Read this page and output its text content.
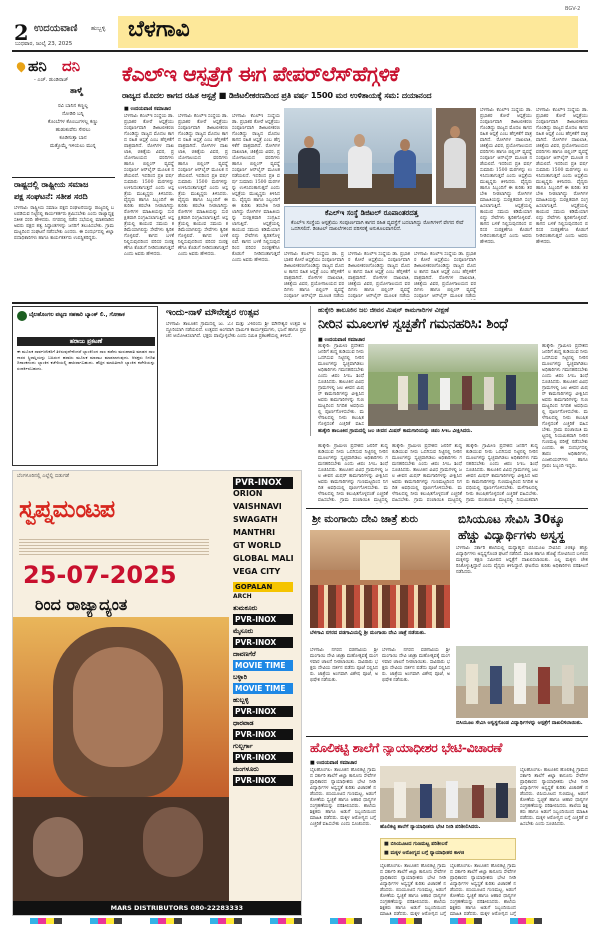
2 ಉದಯವಾಣಿ ಹುಬ್ಬಳ್ಳಿ
ಬುಧವಾರ, ಜುಲೈ 23, 2025
ಬೆಳಗಾವಿ
BGV-2
ಹನಿ ದನಿ
- ಎಚ್. ಡುಂಡಿರಾಜ್
ತಾಳ್ಮೆ
ರವಿ ಬಾನಿನ ಕಣ್ಣಲ್ಲ
ನೋಡಿರಿ ಬನ್ನಿ
ಕೊಂಬೆಗಳ ಕೊಂಬುಗಳಲ್ಲ ಕಣ್ಣು
ಹುಡುಕುವೆನು ಸೇರಲು
ಕೂಡಿಸುತ್ತಾ ಬಾನ
ಮತ್ತೊಮ್ಮೆ ಇಳಿಯಲು ಮುನ್ನ
ರಾಷ್ಟ್ರದಲ್ಲಿ ರಾಷ್ಟ್ರೀಯ ಸಮಾಜ
ಪಕ್ಷ ಸಂಘಟನೆ: ಸತೀಶ ಸರದಿ
ಬೆಳಗಾವಿ: ರಾಷ್ಟ್ರೀಯ ಸಮಾಜ ಪಕ್ಷದ ಸಂಘಟನೆಯನ್ನು ರಾಜ್ಯದಲ್ಲಿ ಬಲಪಡಿಸುವ ನಿಟ್ಟಿನಲ್ಲಿ ಕಾರ್ಯಕರ್ತರು ಶ್ರಮಿಸಬೇಕು ಎಂದು ರಾಜ್ಯಾಧ್ಯಕ್ಷ ಸತೀಶ ಸರದಿ ಹೇಳಿದರು. ನಗರದಲ್ಲಿ ನಡೆದ ಸಭೆಯಲ್ಲಿ ಮಾತನಾಡಿದ ಅವರು ಪಕ್ಷದ ತತ್ವ ಸಿದ್ಧಾಂತಗಳನ್ನು ಜನರಿಗೆ ತಲುಪಿಸಬೇಕು. ಗ್ರಾಮ ಮಟ್ಟದಿಂದ ಸಂಘಟನೆ ನಡೆಸಬೇಕು ಎಂದರು. ಈ ಸಂದರ್ಭದಲ್ಲಿ ಜಿಲ್ಲಾ ಪದಾಧಿಕಾರಿಗಳು ಹಾಗೂ ಕಾರ್ಯಕರ್ತರು ಉಪಸ್ಥಿತರಿದ್ದರು.
ಕೆಎಲ್ಇ ಆಸ್ಪತ್ರೆಗೆ ಈಗ ಪೇಪರ್‌ಲೆಸ್‌ಹೆಗ್ಗಳಿಕೆ
ರಾಜ್ಯದ ಮೊದಲ ಕಾಗದ ರಹಿತ ಆಸ್ಪತ್ರೆ ■ ಡಿಜಿಟಲೀಕರಣದಿಂದ ಪ್ರತಿ ವರ್ಷ 1500 ಮರ ಉಳಿತಾಯಕ್ಕೆ ಸಮ: ದಯಾನಂದ
■ ಉದಯವಾಣಿ ಸಮಾಚಾರ
ಬೆಳಗಾವಿ: ಕೆಎಲ್ಇ ಸಂಸ್ಥೆಯ ಡಾ. ಪ್ರಭಾಕರ ಕೋರೆ ಆಸ್ಪತ್ರೆಯು ಸಂಪೂರ್ಣವಾಗಿ ಡಿಜಿಟಲೀಕರಣಗೊಂಡಿದ್ದು ರಾಜ್ಯದ ಮೊದಲ ಕಾಗದ ರಹಿತ ಆಸ್ಪತ್ರೆ ಎಂಬ ಹೆಗ್ಗಳಿಕೆಗೆ ಪಾತ್ರವಾಗಿದೆ. ರೋಗಿಗಳ ದಾಖಲಾತಿ, ಚಿಕಿತ್ಸೆಯ ವಿವರ, ಪ್ರಯೋಗಾಲಯದ ವರದಿಗಳು ಹಾಗೂ ಬಿಲ್ಲಿಂಗ್ ವ್ಯವಸ್ಥೆ ಸಂಪೂರ್ಣ ಆನ್‌ಲೈನ್ ಮೂಲಕ ನಡೆಯಲಿದೆ. ಇದರಿಂದ ಪ್ರತಿ ವರ್ಷ ಸುಮಾರು 1500 ಮರಗಳನ್ನು ಉಳಿಸಿದಂತಾಗುತ್ತದೆ ಎಂದು ಆಸ್ಪತ್ರೆಯ ಮುಖ್ಯಸ್ಥರು ತಿಳಿಸಿದರು. ವೈದ್ಯರು ಹಾಗೂ ಸಿಬ್ಬಂದಿಗೆ ಈ ಕುರಿತು ತರಬೇತಿ ನೀಡಲಾಗಿದ್ದು ರೋಗಿಗಳ ಮಾಹಿತಿಯನ್ನು ಸುರಕ್ಷಿತವಾಗಿ ಸಂಗ್ರಹಿಸಲಾಗುತ್ತಿದೆ. ಆಸ್ಪತ್ರೆಯಲ್ಲಿ ಕಾಯುವ ಸಮಯ ಕಡಿಮೆಯಾಗಲಿದ್ದು ಸೇವೆಗಳು ತ್ವರಿತಗೊಳ್ಳಲಿವೆ. ಕಾಗದ ಬಳಕೆ ನಿಲ್ಲಿಸುವುದರಿಂದ ಪರಿಸರ ಸಂರಕ್ಷಣೆಗೂ ಕೊಡುಗೆ ನೀಡಿದಂತಾಗುತ್ತದೆ ಎಂದು ಅವರು ಹೇಳಿದರು.
ಬೆಳಗಾವಿ: ಕೆಎಲ್ಇ ಸಂಸ್ಥೆಯ ಡಾ. ಪ್ರಭಾಕರ ಕೋರೆ ಆಸ್ಪತ್ರೆಯು ಸಂಪೂರ್ಣವಾಗಿ ಡಿಜಿಟಲೀಕರಣಗೊಂಡಿದ್ದು ರಾಜ್ಯದ ಮೊದಲ ಕಾಗದ ರಹಿತ ಆಸ್ಪತ್ರೆ ಎಂಬ ಹೆಗ್ಗಳಿಕೆಗೆ ಪಾತ್ರವಾಗಿದೆ. ರೋಗಿಗಳ ದಾಖಲಾತಿ, ಚಿಕಿತ್ಸೆಯ ವಿವರ, ಪ್ರಯೋಗಾಲಯದ ವರದಿಗಳು ಹಾಗೂ ಬಿಲ್ಲಿಂಗ್ ವ್ಯವಸ್ಥೆ ಸಂಪೂರ್ಣ ಆನ್‌ಲೈನ್ ಮೂಲಕ ನಡೆಯಲಿದೆ. ಇದರಿಂದ ಪ್ರತಿ ವರ್ಷ ಸುಮಾರು 1500 ಮರಗಳನ್ನು ಉಳಿಸಿದಂತಾಗುತ್ತದೆ ಎಂದು ಆಸ್ಪತ್ರೆಯ ಮುಖ್ಯಸ್ಥರು ತಿಳಿಸಿದರು. ವೈದ್ಯರು ಹಾಗೂ ಸಿಬ್ಬಂದಿಗೆ ಈ ಕುರಿತು ತರಬೇತಿ ನೀಡಲಾಗಿದ್ದು ರೋಗಿಗಳ ಮಾಹಿತಿಯನ್ನು ಸುರಕ್ಷಿತವಾಗಿ ಸಂಗ್ರಹಿಸಲಾಗುತ್ತಿದೆ. ಆಸ್ಪತ್ರೆಯಲ್ಲಿ ಕಾಯುವ ಸಮಯ ಕಡಿಮೆಯಾಗಲಿದ್ದು ಸೇವೆಗಳು ತ್ವರಿತಗೊಳ್ಳಲಿವೆ. ಕಾಗದ ಬಳಕೆ ನಿಲ್ಲಿಸುವುದರಿಂದ ಪರಿಸರ ಸಂರಕ್ಷಣೆಗೂ ಕೊಡುಗೆ ನೀಡಿದಂತಾಗುತ್ತದೆ ಎಂದು ಅವರು ಹೇಳಿದರು.
ಬೆಳಗಾವಿ: ಕೆಎಲ್ಇ ಸಂಸ್ಥೆಯ ಡಾ. ಪ್ರಭಾಕರ ಕೋರೆ ಆಸ್ಪತ್ರೆಯು ಸಂಪೂರ್ಣವಾಗಿ ಡಿಜಿಟಲೀಕರಣಗೊಂಡಿದ್ದು ರಾಜ್ಯದ ಮೊದಲ ಕಾಗದ ರಹಿತ ಆಸ್ಪತ್ರೆ ಎಂಬ ಹೆಗ್ಗಳಿಕೆಗೆ ಪಾತ್ರವಾಗಿದೆ. ರೋಗಿಗಳ ದಾಖಲಾತಿ, ಚಿಕಿತ್ಸೆಯ ವಿವರ, ಪ್ರಯೋಗಾಲಯದ ವರದಿಗಳು ಹಾಗೂ ಬಿಲ್ಲಿಂಗ್ ವ್ಯವಸ್ಥೆ ಸಂಪೂರ್ಣ ಆನ್‌ಲೈನ್ ಮೂಲಕ ನಡೆಯಲಿದೆ. ಇದರಿಂದ ಪ್ರತಿ ವರ್ಷ ಸುಮಾರು 1500 ಮರಗಳನ್ನು ಉಳಿಸಿದಂತಾಗುತ್ತದೆ ಎಂದು ಆಸ್ಪತ್ರೆಯ ಮುಖ್ಯಸ್ಥರು ತಿಳಿಸಿದರು. ವೈದ್ಯರು ಹಾಗೂ ಸಿಬ್ಬಂದಿಗೆ ಈ ಕುರಿತು ತರಬೇತಿ ನೀಡಲಾಗಿದ್ದು ರೋಗಿಗಳ ಮಾಹಿತಿಯನ್ನು ಸುರಕ್ಷಿತವಾಗಿ ಸಂಗ್ರಹಿಸಲಾಗುತ್ತಿದೆ. ಆಸ್ಪತ್ರೆಯಲ್ಲಿ ಕಾಯುವ ಸಮಯ ಕಡಿಮೆಯಾಗಲಿದ್ದು ಸೇವೆಗಳು ತ್ವರಿತಗೊಳ್ಳಲಿವೆ. ಕಾಗದ ಬಳಕೆ ನಿಲ್ಲಿಸುವುದರಿಂದ ಪರಿಸರ ಸಂರಕ್ಷಣೆಗೂ ಕೊಡುಗೆ ನೀಡಿದಂತಾಗುತ್ತದೆ ಎಂದು ಅವರು ಹೇಳಿದರು.
ಕೆಎಲ್ಇ ಸಂಸ್ಥೆ ಡಿಜಿಟಲ್ ರೂಪಾಂತರದತ್ತ
ಕೆಎಲ್ಇ ಸಂಸ್ಥೆಯ ಆಸ್ಪತ್ರೆಯು ಸಂಪೂರ್ಣವಾಗಿ ಕಾಗದ ರಹಿತ ವ್ಯವಸ್ಥೆಗೆ ಬದಲಾಗಿದ್ದು ರೋಗಿಗಳಿಗೆ ವೇಗದ ಸೇವೆ ಒದಗಿಸಲಿದೆ. ಡಿಜಿಟಲ್ ದಾಖಲೆಗಳಿಂದ ಪರಿಸರಕ್ಕೆ ಅನುಕೂಲವಾಗಲಿದೆ.
ಬೆಳಗಾವಿ: ಕೆಎಲ್ಇ ಸಂಸ್ಥೆಯ ಡಾ. ಪ್ರಭಾಕರ ಕೋರೆ ಆಸ್ಪತ್ರೆಯು ಸಂಪೂರ್ಣವಾಗಿ ಡಿಜಿಟಲೀಕರಣಗೊಂಡಿದ್ದು ರಾಜ್ಯದ ಮೊದಲ ಕಾಗದ ರಹಿತ ಆಸ್ಪತ್ರೆ ಎಂಬ ಹೆಗ್ಗಳಿಕೆಗೆ ಪಾತ್ರವಾಗಿದೆ. ರೋಗಿಗಳ ದಾಖಲಾತಿ, ಚಿಕಿತ್ಸೆಯ ವಿವರ, ಪ್ರಯೋಗಾಲಯದ ವರದಿಗಳು ಹಾಗೂ ಬಿಲ್ಲಿಂಗ್ ವ್ಯವಸ್ಥೆ ಸಂಪೂರ್ಣ ಆನ್‌ಲೈನ್ ಮೂಲಕ ನಡೆಯ
ಬೆಳಗಾವಿ: ಕೆಎಲ್ಇ ಸಂಸ್ಥೆಯ ಡಾ. ಪ್ರಭಾಕರ ಕೋರೆ ಆಸ್ಪತ್ರೆಯು ಸಂಪೂರ್ಣವಾಗಿ ಡಿಜಿಟಲೀಕರಣಗೊಂಡಿದ್ದು ರಾಜ್ಯದ ಮೊದಲ ಕಾಗದ ರಹಿತ ಆಸ್ಪತ್ರೆ ಎಂಬ ಹೆಗ್ಗಳಿಕೆಗೆ ಪಾತ್ರವಾಗಿದೆ. ರೋಗಿಗಳ ದಾಖಲಾತಿ, ಚಿಕಿತ್ಸೆಯ ವಿವರ, ಪ್ರಯೋಗಾಲಯದ ವರದಿಗಳು ಹಾಗೂ ಬಿಲ್ಲಿಂಗ್ ವ್ಯವಸ್ಥೆ ಸಂಪೂರ್ಣ ಆನ್‌ಲೈನ್ ಮೂಲಕ ನಡೆಯ
ಬೆಳಗಾವಿ: ಕೆಎಲ್ಇ ಸಂಸ್ಥೆಯ ಡಾ. ಪ್ರಭಾಕರ ಕೋರೆ ಆಸ್ಪತ್ರೆಯು ಸಂಪೂರ್ಣವಾಗಿ ಡಿಜಿಟಲೀಕರಣಗೊಂಡಿದ್ದು ರಾಜ್ಯದ ಮೊದಲ ಕಾಗದ ರಹಿತ ಆಸ್ಪತ್ರೆ ಎಂಬ ಹೆಗ್ಗಳಿಕೆಗೆ ಪಾತ್ರವಾಗಿದೆ. ರೋಗಿಗಳ ದಾಖಲಾತಿ, ಚಿಕಿತ್ಸೆಯ ವಿವರ, ಪ್ರಯೋಗಾಲಯದ ವರದಿಗಳು ಹಾಗೂ ಬಿಲ್ಲಿಂಗ್ ವ್ಯವಸ್ಥೆ ಸಂಪೂರ್ಣ ಆನ್‌ಲೈನ್ ಮೂಲಕ ನಡೆಯ
ಬೆಳಗಾವಿ: ಕೆಎಲ್ಇ ಸಂಸ್ಥೆಯ ಡಾ. ಪ್ರಭಾಕರ ಕೋರೆ ಆಸ್ಪತ್ರೆಯು ಸಂಪೂರ್ಣವಾಗಿ ಡಿಜಿಟಲೀಕರಣಗೊಂಡಿದ್ದು ರಾಜ್ಯದ ಮೊದಲ ಕಾಗದ ರಹಿತ ಆಸ್ಪತ್ರೆ ಎಂಬ ಹೆಗ್ಗಳಿಕೆಗೆ ಪಾತ್ರವಾಗಿದೆ. ರೋಗಿಗಳ ದಾಖಲಾತಿ, ಚಿಕಿತ್ಸೆಯ ವಿವರ, ಪ್ರಯೋಗಾಲಯದ ವರದಿಗಳು ಹಾಗೂ ಬಿಲ್ಲಿಂಗ್ ವ್ಯವಸ್ಥೆ ಸಂಪೂರ್ಣ ಆನ್‌ಲೈನ್ ಮೂಲಕ ನಡೆಯಲಿದೆ. ಇದರಿಂದ ಪ್ರತಿ ವರ್ಷ ಸುಮಾರು 1500 ಮರಗಳನ್ನು ಉಳಿಸಿದಂತಾಗುತ್ತದೆ ಎಂದು ಆಸ್ಪತ್ರೆಯ ಮುಖ್ಯಸ್ಥರು ತಿಳಿಸಿದರು. ವೈದ್ಯರು ಹಾಗೂ ಸಿಬ್ಬಂದಿಗೆ ಈ ಕುರಿತು ತರಬೇತಿ ನೀಡಲಾಗಿದ್ದು ರೋಗಿಗಳ ಮಾಹಿತಿಯನ್ನು ಸುರಕ್ಷಿತವಾಗಿ ಸಂಗ್ರಹಿಸಲಾಗುತ್ತಿದೆ. ಆಸ್ಪತ್ರೆಯಲ್ಲಿ ಕಾಯುವ ಸಮಯ ಕಡಿಮೆಯಾಗಲಿದ್ದು ಸೇವೆಗಳು ತ್ವರಿತಗೊಳ್ಳಲಿವೆ. ಕಾಗದ ಬಳಕೆ ನಿಲ್ಲಿಸುವುದರಿಂದ ಪರಿಸರ ಸಂರಕ್ಷಣೆಗೂ ಕೊಡುಗೆ ನೀಡಿದಂತಾಗುತ್ತದೆ ಎಂದು ಅವರು ಹೇಳಿದರು.
ಬೆಳಗಾವಿ: ಕೆಎಲ್ಇ ಸಂಸ್ಥೆಯ ಡಾ. ಪ್ರಭಾಕರ ಕೋರೆ ಆಸ್ಪತ್ರೆಯು ಸಂಪೂರ್ಣವಾಗಿ ಡಿಜಿಟಲೀಕರಣಗೊಂಡಿದ್ದು ರಾಜ್ಯದ ಮೊದಲ ಕಾಗದ ರಹಿತ ಆಸ್ಪತ್ರೆ ಎಂಬ ಹೆಗ್ಗಳಿಕೆಗೆ ಪಾತ್ರವಾಗಿದೆ. ರೋಗಿಗಳ ದಾಖಲಾತಿ, ಚಿಕಿತ್ಸೆಯ ವಿವರ, ಪ್ರಯೋಗಾಲಯದ ವರದಿಗಳು ಹಾಗೂ ಬಿಲ್ಲಿಂಗ್ ವ್ಯವಸ್ಥೆ ಸಂಪೂರ್ಣ ಆನ್‌ಲೈನ್ ಮೂಲಕ ನಡೆಯಲಿದೆ. ಇದರಿಂದ ಪ್ರತಿ ವರ್ಷ ಸುಮಾರು 1500 ಮರಗಳನ್ನು ಉಳಿಸಿದಂತಾಗುತ್ತದೆ ಎಂದು ಆಸ್ಪತ್ರೆಯ ಮುಖ್ಯಸ್ಥರು ತಿಳಿಸಿದರು. ವೈದ್ಯರು ಹಾಗೂ ಸಿಬ್ಬಂದಿಗೆ ಈ ಕುರಿತು ತರಬೇತಿ ನೀಡಲಾಗಿದ್ದು ರೋಗಿಗಳ ಮಾಹಿತಿಯನ್ನು ಸುರಕ್ಷಿತವಾಗಿ ಸಂಗ್ರಹಿಸಲಾಗುತ್ತಿದೆ. ಆಸ್ಪತ್ರೆಯಲ್ಲಿ ಕಾಯುವ ಸಮಯ ಕಡಿಮೆಯಾಗಲಿದ್ದು ಸೇವೆಗಳು ತ್ವರಿತಗೊಳ್ಳಲಿವೆ. ಕಾಗದ ಬಳಕೆ ನಿಲ್ಲಿಸುವುದರಿಂದ ಪರಿಸರ ಸಂರಕ್ಷಣೆಗೂ ಕೊಡುಗೆ ನೀಡಿದಂತಾಗುತ್ತದೆ ಎಂದು ಅವರು ಹೇಳಿದರು.
ಬೈಲಹೊಂಗಲ ಪಟ್ಟಣ ಸಹಕಾರಿ ಬ್ಯಾಂಕ್ ಲಿ., ಗೋಕಾಕ
ಹರಾಜು ಪ್ರಕಟಣೆ
ಈ ಮೂಲಕ ಸಾರ್ವಜನಿಕರಿಗೆ ತಿಳಿಸುವುದೇನೆಂದರೆ ಬ್ಯಾಂಕಿನಿಂದ ಸಾಲ ಪಡೆದು ಮರುಪಾವತಿ ಮಾಡದ ಸಾಲಗಾರರ ಸ್ಥಿರಾಸ್ತಿಯನ್ನು ಬಹಿರಂಗ ಹರಾಜು ಮೂಲಕ ಮಾರಾಟ ಮಾಡಲಾಗುವುದು. ಆಸಕ್ತರು ನಿಗದಿತ ದಿನಾಂಕದಂದು ಬ್ಯಾಂಕಿನ ಕಚೇರಿಯಲ್ಲಿ ಹಾಜರಾಗಬಹುದು. ಹೆಚ್ಚಿನ ಮಾಹಿತಿಗಾಗಿ ಬ್ಯಾಂಕಿನ ಕಚೇರಿಯನ್ನು ಸಂಪರ್ಕಿಸಬಹುದು.
ಇಂದು-ನಾಳೆ ಮೌನೇಶ್ವರ ಉತ್ಸವ
ಬೆಳಗಾವಿ: ತಾಲೂಕಿನ ಗ್ರಾಮದಲ್ಲಿ ಜು. 23 ಮತ್ತು 24ರಂದು ಶ್ರೀ ಮೌನೇಶ್ವರ ಉತ್ಸವ ಅದ್ದೂರಿಯಾಗಿ ನಡೆಯಲಿದೆ. ಉತ್ಸವದ ಅಂಗವಾಗಿ ಧಾರ್ಮಿಕ ಕಾರ್ಯಕ್ರಮಗಳು, ಭಜನೆ ಹಾಗೂ ಪ್ರವಚನ ಆಯೋಜಿಸಲಾಗಿದೆ. ಭಕ್ತರು ಪಾಲ್ಗೊಳ್ಳಬೇಕು ಎಂದು ಸಮಿತಿ ಪ್ರಕಟಣೆಯಲ್ಲಿ ತಿಳಿಸಿದೆ.
ಹುಕ್ಕೇರಿ ತಾಲೂಕಿನ ಜಲ ಜೀವನ ಮಿಷನ್ ಕಾಮಗಾರಿಗಳ ವೀಕ್ಷಣೆ
ನೀರಿನ ಮೂಲಗಳ ಸ್ವಚ್ಛತೆಗೆ ಗಮನಹರಿಸಿ: ಶಿಂಧೆ
■ ಉದಯವಾಣಿ ಸಮಾಚಾರ
ಹುಕ್ಕೇರಿ ತಾಲೂಕಿನ ಗ್ರಾಮದಲ್ಲಿ ಜಲ ಜೀವನ ಮಿಷನ್ ಕಾಮಗಾರಿಯನ್ನು ಜಿಪಂ ಸಿಇಒ ವೀಕ್ಷಿಸಿದರು.
ಹುಕ್ಕೇರಿ: ಗ್ರಾಮೀಣ ಪ್ರದೇಶದ ಜನರಿಗೆ ಶುದ್ಧ ಕುಡಿಯುವ ನೀರು ಒದಗಿಸುವ ನಿಟ್ಟಿನಲ್ಲಿ ನೀರಿನ ಮೂಲಗಳನ್ನು ಸ್ವಚ್ಛವಾಗಿಡಲು ಅಧಿಕಾರಿಗಳು ಗಮನಹರಿಸಬೇಕು ಎಂದು ಜಿಪಂ ಸಿಇಒ ಶಿಂಧೆ ಸೂಚಿಸಿದರು. ತಾಲೂಕಿನ ವಿವಿಧ ಗ್ರಾಮಗಳಲ್ಲಿ ಜಲ ಜೀವನ ಮಿಷನ್ ಕಾಮಗಾರಿಗಳನ್ನು ವೀಕ್ಷಿಸಿದ ಅವರು ಕಾಮಗಾರಿಗಳನ್ನು ಗುಣಮಟ್ಟದಿಂದ ನಿಗದಿತ ಅವಧಿಯಲ್ಲಿ ಪೂರ್ಣಗೊಳಿಸಬೇಕು. ಮಳೆಗಾಲದಲ್ಲಿ ನೀರು ಕಲುಷಿತಗೊಳ್ಳದಂತೆ ಎಚ್ಚರಿಕೆ ವಹಿಸ
ಹುಕ್ಕೇರಿ: ಗ್ರಾಮೀಣ ಪ್ರದೇಶದ ಜನರಿಗೆ ಶುದ್ಧ ಕುಡಿಯುವ ನೀರು ಒದಗಿಸುವ ನಿಟ್ಟಿನಲ್ಲಿ ನೀರಿನ ಮೂಲಗಳನ್ನು ಸ್ವಚ್ಛವಾಗಿಡಲು ಅಧಿಕಾರಿಗಳು ಗಮನಹರಿಸಬೇಕು ಎಂದು ಜಿಪಂ ಸಿಇಒ ಶಿಂಧೆ ಸೂಚಿಸಿದರು. ತಾಲೂಕಿನ ವಿವಿಧ ಗ್ರಾಮಗಳಲ್ಲಿ ಜಲ ಜೀವನ ಮಿಷನ್ ಕಾಮಗಾರಿಗಳನ್ನು ವೀಕ್ಷಿಸಿದ ಅವರು ಕಾಮಗಾರಿಗಳನ್ನು ಗುಣಮಟ್ಟದಿಂದ ನಿಗದಿತ ಅವಧಿಯಲ್ಲಿ ಪೂರ್ಣಗೊಳಿಸಬೇಕು. ಮಳೆಗಾಲದಲ್ಲಿ ನೀರು ಕಲುಷಿತಗೊಳ್ಳದಂತೆ ಎಚ್ಚರಿಕೆ ವಹಿಸಬೇಕು. ಗ್ರಾಮ ಪಂಚಾಯಿತಿ ಮಟ್ಟದಲ್ಲಿ ನಿಯಮಿತವಾಗಿ ನೀರಿನ ಗುಣಮಟ್ಟ ಪರೀಕ್ಷೆ ನಡೆಸಬೇಕು ಎಂದರು. ಈ ಸಂದರ್ಭದಲ್ಲಿ ತಾಪಂ ಅಧಿಕಾರಿಗಳು, ಎಂಜಿನಿಯರ್‌ಗಳು ಹಾಗೂ ಗ್ರಾಪಂ ಸಿಬ್ಬಂದಿ ಇದ್ದರು.
ಹುಕ್ಕೇರಿ: ಗ್ರಾಮೀಣ ಪ್ರದೇಶದ ಜನರಿಗೆ ಶುದ್ಧ ಕುಡಿಯುವ ನೀರು ಒದಗಿಸುವ ನಿಟ್ಟಿನಲ್ಲಿ ನೀರಿನ ಮೂಲಗಳನ್ನು ಸ್ವಚ್ಛವಾಗಿಡಲು ಅಧಿಕಾರಿಗಳು ಗಮನಹರಿಸಬೇಕು ಎಂದು ಜಿಪಂ ಸಿಇಒ ಶಿಂಧೆ ಸೂಚಿಸಿದರು. ತಾಲೂಕಿನ ವಿವಿಧ ಗ್ರಾಮಗಳಲ್ಲಿ ಜಲ ಜೀವನ ಮಿಷನ್ ಕಾಮಗಾರಿಗಳನ್ನು ವೀಕ್ಷಿಸಿದ ಅವರು ಕಾಮಗಾರಿಗಳನ್ನು ಗುಣಮಟ್ಟದಿಂದ ನಿಗದಿತ ಅವಧಿಯಲ್ಲಿ ಪೂರ್ಣಗೊಳಿಸಬೇಕು. ಮಳೆಗಾಲದಲ್ಲಿ ನೀರು ಕಲುಷಿತಗೊಳ್ಳದಂತೆ ಎಚ್ಚರಿಕೆ ವಹಿಸಬೇಕು. ಗ್ರಾಮ ಪಂಚಾಯಿತಿ ಮಟ್ಟದಲ್ಲಿ
ಹುಕ್ಕೇರಿ: ಗ್ರಾಮೀಣ ಪ್ರದೇಶದ ಜನರಿಗೆ ಶುದ್ಧ ಕುಡಿಯುವ ನೀರು ಒದಗಿಸುವ ನಿಟ್ಟಿನಲ್ಲಿ ನೀರಿನ ಮೂಲಗಳನ್ನು ಸ್ವಚ್ಛವಾಗಿಡಲು ಅಧಿಕಾರಿಗಳು ಗಮನಹರಿಸಬೇಕು ಎಂದು ಜಿಪಂ ಸಿಇಒ ಶಿಂಧೆ ಸೂಚಿಸಿದರು. ತಾಲೂಕಿನ ವಿವಿಧ ಗ್ರಾಮಗಳಲ್ಲಿ ಜಲ ಜೀವನ ಮಿಷನ್ ಕಾಮಗಾರಿಗಳನ್ನು ವೀಕ್ಷಿಸಿದ ಅವರು ಕಾಮಗಾರಿಗಳನ್ನು ಗುಣಮಟ್ಟದಿಂದ ನಿಗದಿತ ಅವಧಿಯಲ್ಲಿ ಪೂರ್ಣಗೊಳಿಸಬೇಕು. ಮಳೆಗಾಲದಲ್ಲಿ ನೀರು ಕಲುಷಿತಗೊಳ್ಳದಂತೆ ಎಚ್ಚರಿಕೆ ವಹಿಸಬೇಕು. ಗ್ರಾಮ ಪಂಚಾಯಿತಿ ಮಟ್ಟದಲ್ಲಿ
ಹುಕ್ಕೇರಿ: ಗ್ರಾಮೀಣ ಪ್ರದೇಶದ ಜನರಿಗೆ ಶುದ್ಧ ಕುಡಿಯುವ ನೀರು ಒದಗಿಸುವ ನಿಟ್ಟಿನಲ್ಲಿ ನೀರಿನ ಮೂಲಗಳನ್ನು ಸ್ವಚ್ಛವಾಗಿಡಲು ಅಧಿಕಾರಿಗಳು ಗಮನಹರಿಸಬೇಕು ಎಂದು ಜಿಪಂ ಸಿಇಒ ಶಿಂಧೆ ಸೂಚಿಸಿದರು. ತಾಲೂಕಿನ ವಿವಿಧ ಗ್ರಾಮಗಳಲ್ಲಿ ಜಲ ಜೀವನ ಮಿಷನ್ ಕಾಮಗಾರಿಗಳನ್ನು ವೀಕ್ಷಿಸಿದ ಅವರು ಕಾಮಗಾರಿಗಳನ್ನು ಗುಣಮಟ್ಟದಿಂದ ನಿಗದಿತ ಅವಧಿಯಲ್ಲಿ ಪೂರ್ಣಗೊಳಿಸಬೇಕು. ಮಳೆಗಾಲದಲ್ಲಿ ನೀರು ಕಲುಷಿತಗೊಳ್ಳದಂತೆ ಎಚ್ಚರಿಕೆ ವಹಿಸಬೇಕು. ಗ್ರಾಮ ಪಂಚಾಯಿತಿ ಮಟ್ಟದಲ್ಲಿ ನಿಯಮಿತವಾಗಿ
ಬೆಂಗಳೂರಿನಲ್ಲಿ ಎಲ್ಲೆಲ್ಲಿ ಬಿಡುಗಡೆ
ಸ್ವಪ್ನಮಂಟಪ
25-07-2025
ರಿಂದ ರಾಜ್ಯಾದ್ಯಂತ
MARS DISTRIBUTORS 080-22283333
PVR-INOX
ORION
VAISHNAVI
SWAGATH
MANTHRI
GT WORLD
GLOBAL MALI
VEGA CITY
GOPALAN
ARCH
ತುಮಕೂರು
PVR-INOX
ಮೈಸೂರು
PVR-INOX
ದಾವಣಗೆರೆ
MOVIE TIME
ಬಳ್ಳಾರಿ
MOVIE TIME
ಹುಬ್ಬಳ್ಳಿ
PVR-INOX
ಧಾರವಾಡ
PVR-INOX
ಗುಲ್ಬರ್ಗಾ
PVR-INOX
ಮಂಗಳೂರು
PVR-INOX
ಶ್ರೀ ಮಂಗಾಯಿ ದೇವಿ ಜಾತ್ರೆ ಶುರು
ಬೆಳಗಾವಿ ನಗರದ ವಡಗಾವಿಯಲ್ಲಿ ಶ್ರೀ ಮಂಗಾಯಿ ದೇವಿ ಜಾತ್ರೆ ನಡೆಯಿತು.
ಬೆಳಗಾವಿ: ನಗರದ ವಡಗಾವಿಯ ಶ್ರೀ ಮಂಗಾಯಿ ದೇವಿ ಜಾತ್ರಾ ಮಹೋತ್ಸವಕ್ಕೆ ಮಂಗಳವಾರ ಚಾಲನೆ ನೀಡಲಾಯಿತು. ಸಾವಿರಾರು ಭಕ್ತರು ದೇವಿಯ ದರ್ಶನ ಪಡೆದು ಪೂಜೆ ಸಲ್ಲಿಸಿದರು. ಜಾತ್ರೆಯ ಅಂಗವಾಗಿ ವಿಶೇಷ ಪೂಜೆ, ಅಭಿಷೇಕ ನಡೆಯಿತು.
ಬೆಳಗಾವಿ: ನಗರದ ವಡಗಾವಿಯ ಶ್ರೀ ಮಂಗಾಯಿ ದೇವಿ ಜಾತ್ರಾ ಮಹೋತ್ಸವಕ್ಕೆ ಮಂಗಳವಾರ ಚಾಲನೆ ನೀಡಲಾಯಿತು. ಸಾವಿರಾರು ಭಕ್ತರು ದೇವಿಯ ದರ್ಶನ ಪಡೆದು ಪೂಜೆ ಸಲ್ಲಿಸಿದರು. ಜಾತ್ರೆಯ ಅಂಗವಾಗಿ ವಿಶೇಷ ಪೂಜೆ, ಅಭಿಷೇಕ ನಡೆಯಿತು.
ಬಿಸಿಯೂಟ ಸೇವಿಸಿ 30ಕ್ಕೂ
ಹೆಚ್ಚು ವಿದ್ಯಾರ್ಥಿಗಳು ಅಸ್ವಸ್ಥ
ಬೆಳಗಾವಿ: ಸರ್ಕಾರಿ ಶಾಲೆಯಲ್ಲಿ ಮಧ್ಯಾಹ್ನದ ಬಿಸಿಯೂಟ ಸೇವಿಸಿದ 30ಕ್ಕೂ ಹೆಚ್ಚು ವಿದ್ಯಾರ್ಥಿಗಳು ಅಸ್ವಸ್ಥಗೊಂಡ ಘಟನೆ ನಡೆದಿದೆ. ವಾಂತಿ ಹಾಗೂ ಹೊಟ್ಟೆ ನೋವಿನಿಂದ ಬಳಲಿದ ಮಕ್ಕಳನ್ನು ತಕ್ಷಣ ಸಮೀಪದ ಆಸ್ಪತ್ರೆಗೆ ದಾಖಲಿಸಲಾಯಿತು. ಎಲ್ಲ ಮಕ್ಕಳು ಚೇತರಿಸಿಕೊಳ್ಳುತ್ತಿದ್ದಾರೆ ಎಂದು ವೈದ್ಯರು ತಿಳಿಸಿದ್ದಾರೆ. ಘಟನೆಯ ಕುರಿತು ಅಧಿಕಾರಿಗಳು ಪರಿಶೀಲನೆ ನಡೆಸಿದರು.
ಬಿಸಿಯೂಟ ಸೇವಿಸಿ ಅಸ್ವಸ್ಥಗೊಂಡ ವಿದ್ಯಾರ್ಥಿಗಳನ್ನು ಆಸ್ಪತ್ರೆಗೆ ದಾಖಲಿಸಲಾಯಿತು.
ಹೊಲಿಕಟ್ಟಿ ಶಾಲೆಗೆ ನ್ಯಾಯಾಧೀಶರ ಭೇಟಿ-ವಿಚಾರಣೆ
■ ಉದಯವಾಣಿ ಸಮಾಚಾರ
ಬೈಲಹೊಂಗಲ: ತಾಲೂಕಿನ ಹೊಲಿಕಟ್ಟಿ ಗ್ರಾಮದ ಸರ್ಕಾರಿ ಶಾಲೆಗೆ ಜಿಲ್ಲಾ ಕಾನೂನು ಸೇವೆಗಳ ಪ್ರಾಧಿಕಾರದ ನ್ಯಾಯಾಧೀಶರು ಭೇಟಿ ನೀಡಿ ವಿದ್ಯಾರ್ಥಿಗಳ ಅಸ್ವಸ್ಥತೆ ಕುರಿತು ವಿಚಾರಣೆ ನಡೆಸಿದರು. ಬಿಸಿಯೂಟದ ಗುಣಮಟ್ಟ, ಅಡುಗೆ ಕೋಣೆಯ ಸ್ವಚ್ಛತೆ ಹಾಗೂ ಆಹಾರ ಧಾನ್ಯಗಳ ಸಂಗ್ರಹಣೆಯನ್ನು ಪರಿಶೀಲಿಸಿದರು. ಶಾಲೆಯ ಶಿಕ್ಷಕರು ಹಾಗೂ ಅಡುಗೆ ಸಿಬ್ಬಂದಿಯಿಂದ ಮಾಹಿತಿ ಪಡೆದರು. ಮಕ್ಕಳ ಆರೋಗ್ಯದ ಬಗ್ಗೆ ಎಚ್ಚರಿಕೆ ವಹಿಸಬೇಕು ಎಂದು ಸೂಚಿಸಿದರು.	ಹೊಲಿಕಟ್ಟಿ ಶಾಲೆಗೆ ನ್ಯಾಯಾಧೀಶರು ಭೇಟಿ ನೀಡಿ ಪರಿಶೀಲಿಸಿದರು.
■ ಬಿಸಿಯೂಟದ ಗುಣಮಟ್ಟ ಪರಿಶೀಲನೆ
■ ಮಕ್ಕಳ ಆರೋಗ್ಯದ ಬಗ್ಗೆ ನ್ಯಾಯಾಧೀಶರ ಕಾಳಜಿ
ಬೈಲಹೊಂಗಲ: ತಾಲೂಕಿನ ಹೊಲಿಕಟ್ಟಿ ಗ್ರಾಮದ ಸರ್ಕಾರಿ ಶಾಲೆಗೆ ಜಿಲ್ಲಾ ಕಾನೂನು ಸೇವೆಗಳ ಪ್ರಾಧಿಕಾರದ ನ್ಯಾಯಾಧೀಶರು ಭೇಟಿ ನೀಡಿ ವಿದ್ಯಾರ್ಥಿಗಳ ಅಸ್ವಸ್ಥತೆ ಕುರಿತು ವಿಚಾರಣೆ ನಡೆಸಿದರು. ಬಿಸಿಯೂಟದ ಗುಣಮಟ್ಟ, ಅಡುಗೆ ಕೋಣೆಯ ಸ್ವಚ್ಛತೆ ಹಾಗೂ ಆಹಾರ ಧಾನ್ಯಗಳ ಸಂಗ್ರಹಣೆಯನ್ನು ಪರಿಶೀಲಿಸಿದರು. ಶಾಲೆಯ ಶಿಕ್ಷಕರು ಹಾಗೂ ಅಡುಗೆ ಸಿಬ್ಬಂದಿಯಿಂದ ಮಾಹಿತಿ ಪಡೆದರು. ಮಕ್ಕಳ ಆರೋಗ್ಯದ ಬಗ್ಗೆ
ಬೈಲಹೊಂಗಲ: ತಾಲೂಕಿನ ಹೊಲಿಕಟ್ಟಿ ಗ್ರಾಮದ ಸರ್ಕಾರಿ ಶಾಲೆಗೆ ಜಿಲ್ಲಾ ಕಾನೂನು ಸೇವೆಗಳ ಪ್ರಾಧಿಕಾರದ ನ್ಯಾಯಾಧೀಶರು ಭೇಟಿ ನೀಡಿ ವಿದ್ಯಾರ್ಥಿಗಳ ಅಸ್ವಸ್ಥತೆ ಕುರಿತು ವಿಚಾರಣೆ ನಡೆಸಿದರು. ಬಿಸಿಯೂಟದ ಗುಣಮಟ್ಟ, ಅಡುಗೆ ಕೋಣೆಯ ಸ್ವಚ್ಛತೆ ಹಾಗೂ ಆಹಾರ ಧಾನ್ಯಗಳ ಸಂಗ್ರಹಣೆಯನ್ನು ಪರಿಶೀಲಿಸಿದರು. ಶಾಲೆಯ ಶಿಕ್ಷಕರು ಹಾಗೂ ಅಡುಗೆ ಸಿಬ್ಬಂದಿಯಿಂದ ಮಾಹಿತಿ ಪಡೆದರು. ಮಕ್ಕಳ ಆರೋಗ್ಯದ ಬಗ್ಗೆ
ಬೈಲಹೊಂಗಲ: ತಾಲೂಕಿನ ಹೊಲಿಕಟ್ಟಿ ಗ್ರಾಮದ ಸರ್ಕಾರಿ ಶಾಲೆಗೆ ಜಿಲ್ಲಾ ಕಾನೂನು ಸೇವೆಗಳ ಪ್ರಾಧಿಕಾರದ ನ್ಯಾಯಾಧೀಶರು ಭೇಟಿ ನೀಡಿ ವಿದ್ಯಾರ್ಥಿಗಳ ಅಸ್ವಸ್ಥತೆ ಕುರಿತು ವಿಚಾರಣೆ ನಡೆಸಿದರು. ಬಿಸಿಯೂಟದ ಗುಣಮಟ್ಟ, ಅಡುಗೆ ಕೋಣೆಯ ಸ್ವಚ್ಛತೆ ಹಾಗೂ ಆಹಾರ ಧಾನ್ಯಗಳ ಸಂಗ್ರಹಣೆಯನ್ನು ಪರಿಶೀಲಿಸಿದರು. ಶಾಲೆಯ ಶಿಕ್ಷಕರು ಹಾಗೂ ಅಡುಗೆ ಸಿಬ್ಬಂದಿಯಿಂದ ಮಾಹಿತಿ ಪಡೆದರು. ಮಕ್ಕಳ ಆರೋಗ್ಯದ ಬಗ್ಗೆ ಎಚ್ಚರಿಕೆ ವಹಿಸಬೇಕು ಎಂದು ಸೂಚಿಸಿದರು.
